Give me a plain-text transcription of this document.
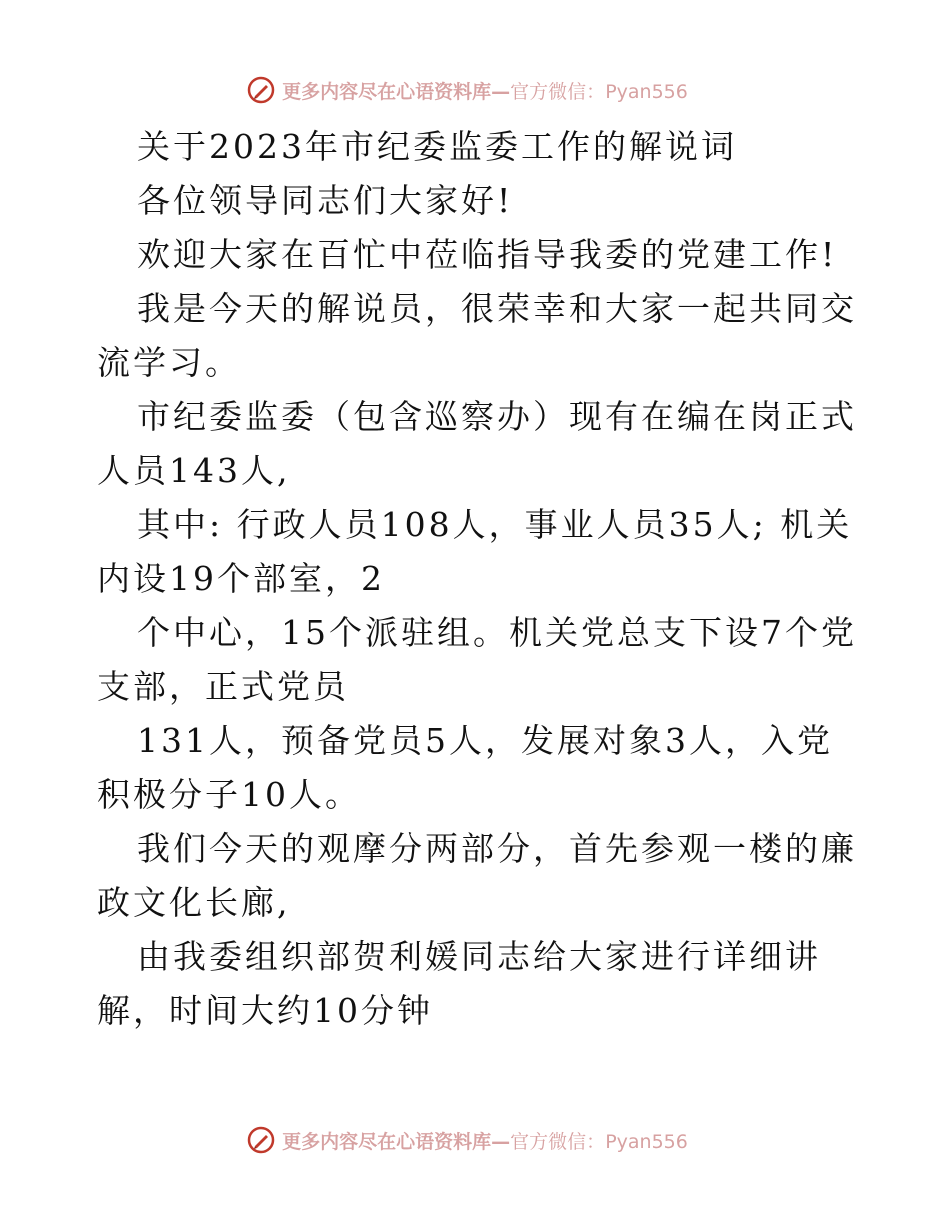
更多内容尽在心语资料库—官方微信：Pyan556

关于2023年市纪委监委工作的解说词

各位领导同志们大家好!

欢迎大家在百忙中莅临指导我委的党建工作!

我是今天的解说员，很荣幸和大家一起共同交流学习。

市纪委监委（包含巡察办）现有在编在岗正式人员143人,

其中: 行政人员108人，事业人员35人; 机关内设19个部室，2

个中心，15个派驻组。机关党总支下设7个党支部，正式党员

131人，预备党员5人，发展对象3人，入党积极分子10人。

我们今天的观摩分两部分，首先参观一楼的廉政文化长廊,

由我委组织部贺利媛同志给大家进行详细讲解，时间大约10分钟

更多内容尽在心语资料库—官方微信：Pyan556
